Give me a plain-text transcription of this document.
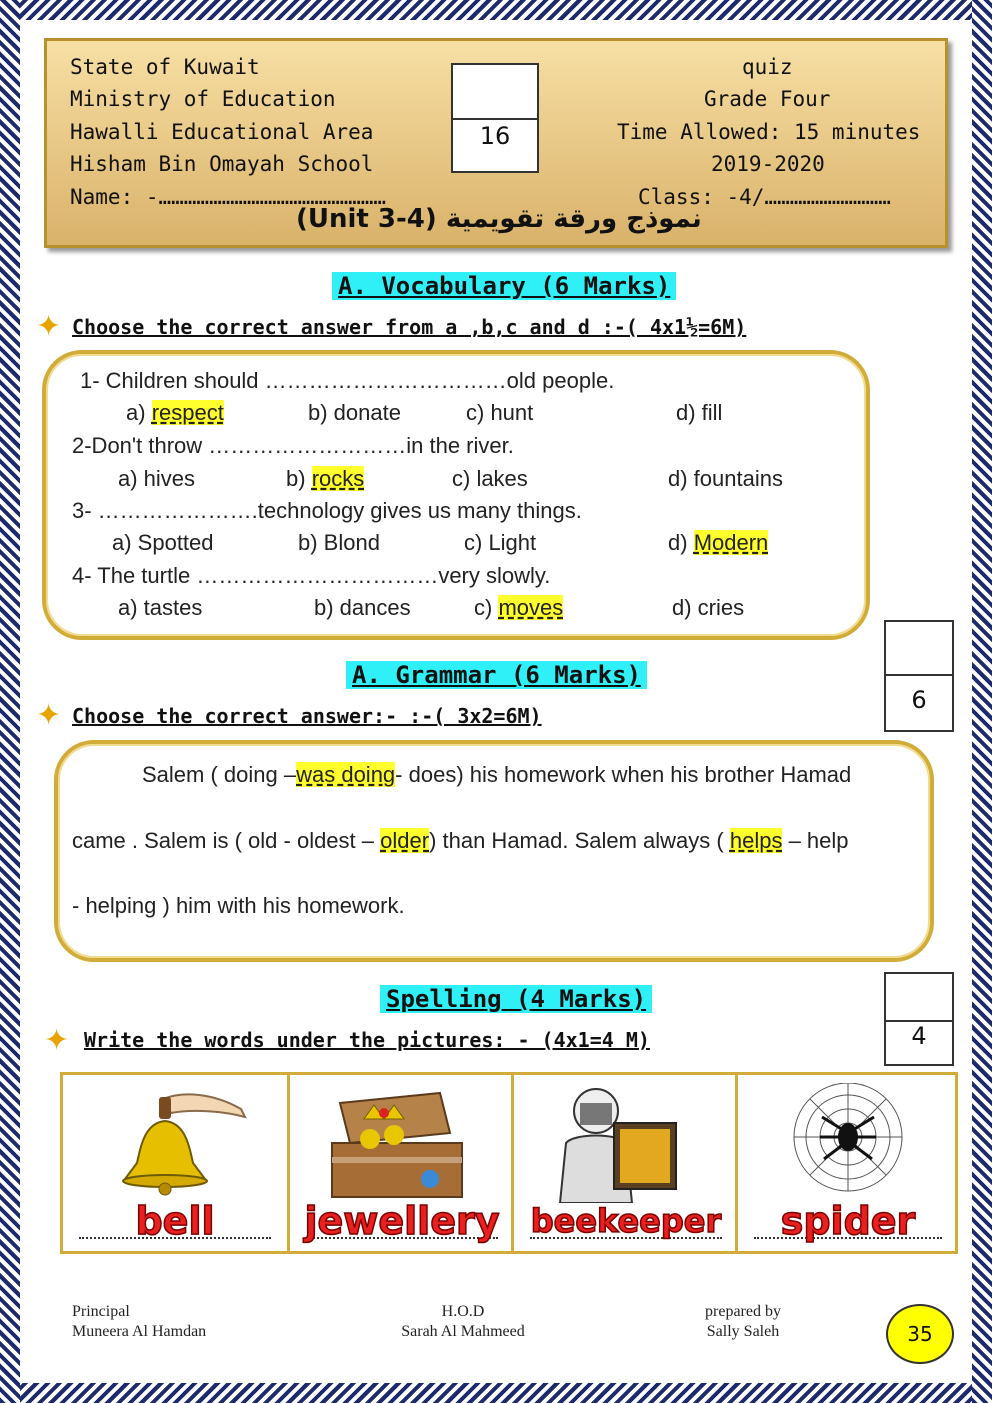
State of Kuwait
Ministry of Education
Hawalli Educational Area
Hisham Bin Omayah School
Name: -………………………………………………
quiz
Grade Four
Time Allowed: 15 minutes
2019-2020
Class: -4/…………………………
16
نموذج ورقة تقويمية (Unit 3-4)
A. Vocabulary (6 Marks)
✦ Choose the correct answer from a ,b,c and d :-( 4x1½=6M)
1- Children should ……………………………old people.
a) respect	b) donate	c) hunt	d) fill
2-Don't throw ………………………in the river.
a) hives	b) rocks	c) lakes	d) fountains
3- ………………….technology gives us many things.
a) Spotted	b) Blond	c) Light	d) Modern
4- The turtle ……………………………very slowly.
a) tastes	b) dances	c) moves	d) cries
6
A. Grammar (6 Marks)
✦ Choose the correct answer:- :-( 3x2=6M)
Salem ( doing –was doing- does) his homework when his brother Hamad
came . Salem is ( old - oldest – older) than Hamad. Salem always ( helps – help
- helping ) him with his homework.
4
Spelling (4 Marks)
✦ Write the words under the pictures: - (4x1=4 M)
bell	jewellery beekeeper	spider
Principal
Muneera Al Hamdan
H.O.D
Sarah Al Mahmeed
prepared by
Sally Saleh	35
